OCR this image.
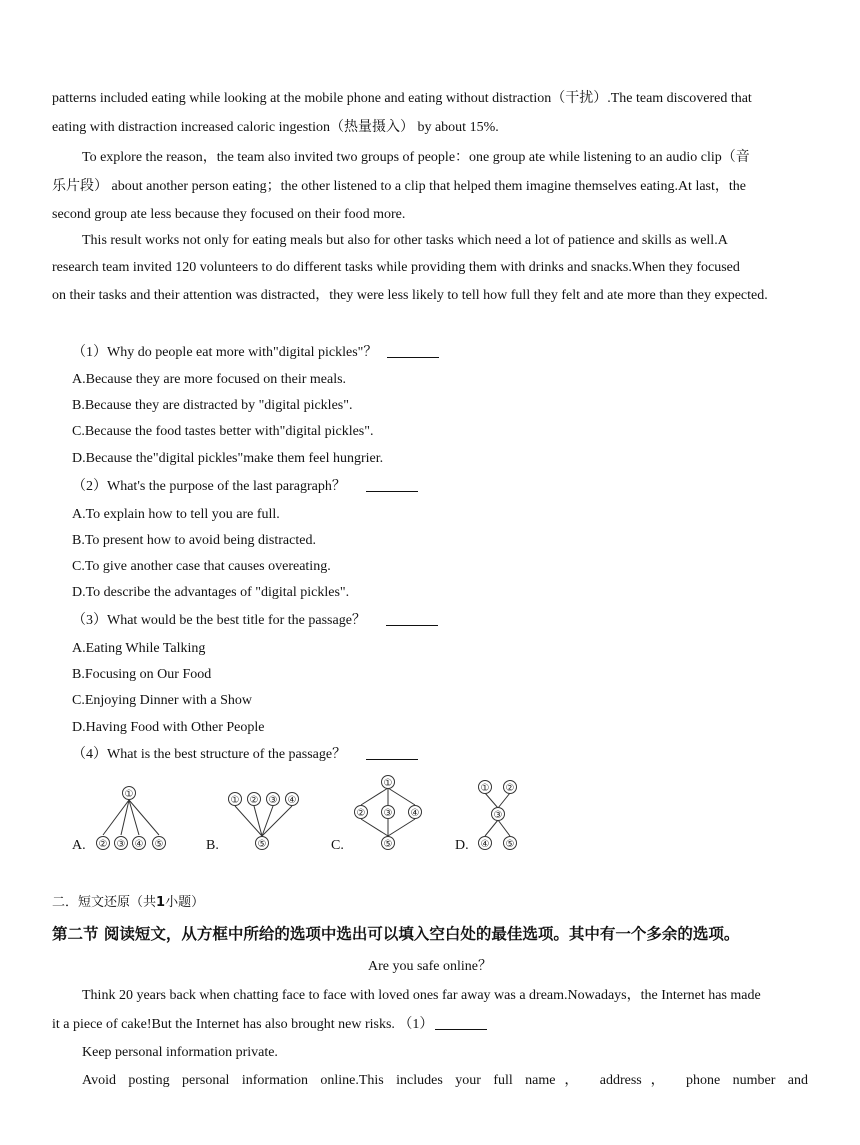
patterns included eating while looking at the mobile phone and eating without distraction（干扰）.The team discovered that
eating with distraction increased caloric ingestion（热量摄入） by about 15%.
To explore the reason，the team also invited two groups of people：one group ate while listening to an audio clip（音
乐片段） about another person eating；the other listened to a clip that helped them imagine themselves eating.At last，the
second group ate less because they focused on their food more.
This result works not only for eating meals but also for other tasks which need a lot of patience and skills as well.A
research team invited 120 volunteers to do different tasks while providing them with drinks and snacks.When they focused
on their tasks and their attention was distracted，they were less likely to tell how full they felt and ate more than they expected.
（1）Why do people eat more with"digital pickles"？
A.Because they are more focused on their meals.
B.Because they are distracted by "digital pickles".
C.Because the food tastes better with"digital pickles".
D.Because the"digital pickles"make them feel hungrier.
（2）What's the purpose of the last paragraph？
A.To explain how to tell you are full.
B.To present how to avoid being distracted.
C.To give another case that causes overeating.
D.To describe the advantages of "digital pickles".
（3）What would be the best title for the passage？
A.Eating While Talking
B.Focusing on Our Food
C.Enjoying Dinner with a Show
D.Having Food with Other People
（4）What is the best structure of the passage？
A.	B.	C.	D.
①
② ③ ④ ⑤
① ② ③ ④
⑤
①
② ③ ④
⑤
① ②
③
④ ⑤
二．短文还原（共1小题）
第二节 阅读短文，从方框中所给的选项中选出可以填入空白处的最佳选项。其中有一个多余的选项。
Are you safe online？
Think 20 years back when chatting face to face with loved ones far away was a dream.Nowadays，the Internet has made
it a piece of cake!But the Internet has also brought new risks. （1）
Keep personal information private.
Avoid posting personal information online.This includes your full name， address， phone number and
